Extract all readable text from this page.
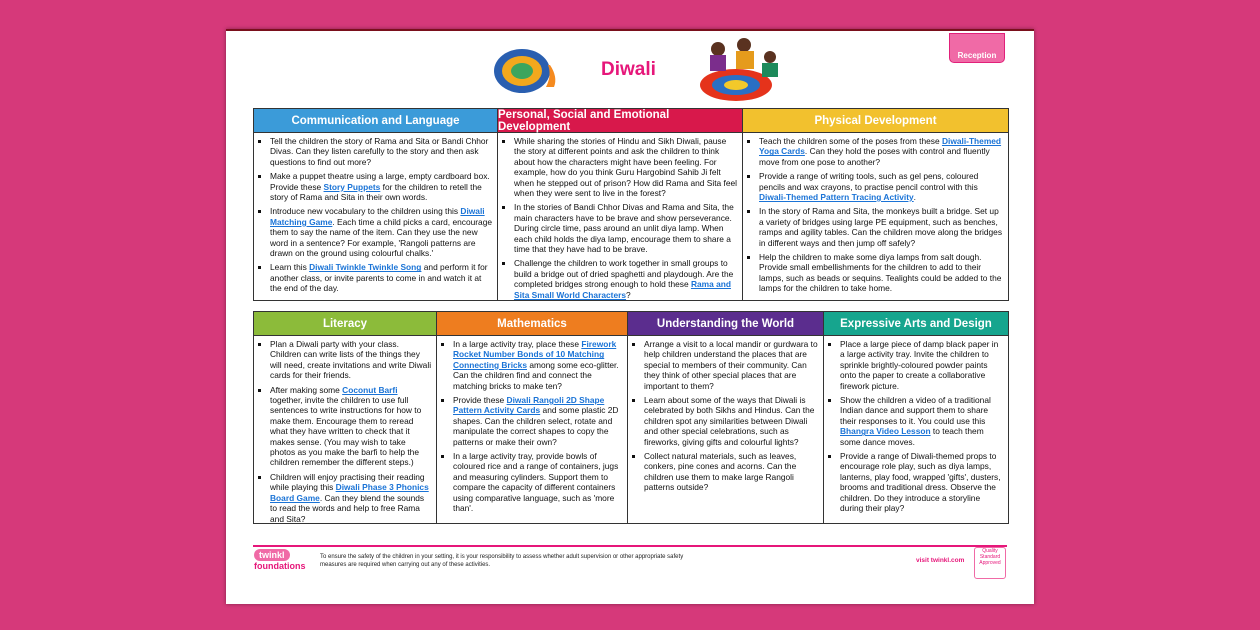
Diwali
Reception
Communication and Language
▪ Tell the children the story of Rama and Sita or Bandi Chhor Divas. Can they listen carefully to the story and then ask questions to find out more?
▪ Make a puppet theatre using a large, empty cardboard box. Provide these Story Puppets for the children to retell the story of Rama and Sita in their own words.
▪ Introduce new vocabulary to the children using this Diwali Matching Game. Each time a child picks a card, encourage them to say the name of the item. Can they use the new word in a sentence? For example, 'Rangoli patterns are drawn on the ground using colourful chalks.'
▪ Learn this Diwali Twinkle Twinkle Song and perform it for another class, or invite parents to come in and watch it at the end of the day.
Personal, Social and Emotional Development
▪ While sharing the stories of Hindu and Sikh Diwali, pause the story at different points and ask the children to think about how the characters might have been feeling. For example, how do you think Guru Hargobind Sahib Ji felt when he stepped out of prison? How did Rama and Sita feel when they were sent to live in the forest?
▪ In the stories of Bandi Chhor Divas and Rama and Sita, the main characters have to be brave and show perseverance. During circle time, pass around an unlit diya lamp. When each child holds the diya lamp, encourage them to share a time that they have had to be brave.
▪ Challenge the children to work together in small groups to build a bridge out of dried spaghetti and playdough. Are the completed bridges strong enough to hold these Rama and Sita Small World Characters?
Physical Development
▪ Teach the children some of the poses from these Diwali-Themed Yoga Cards. Can they hold the poses with control and fluently move from one pose to another?
▪ Provide a range of writing tools, such as gel pens, coloured pencils and wax crayons, to practise pencil control with this Diwali-Themed Pattern Tracing Activity.
▪ In the story of Rama and Sita, the monkeys built a bridge. Set up a variety of bridges using large PE equipment, such as benches, ramps and agility tables. Can the children move along the bridges in different ways and then jump off safely?
▪ Help the children to make some diya lamps from salt dough. Provide small embellishments for the children to add to their lamps, such as beads or sequins. Tealights could be added to the lamps for the children to take home.
Literacy
▪ Plan a Diwali party with your class. Children can write lists of the things they will need, create invitations and write Diwali cards for their friends.
▪ After making some Coconut Barfi together, invite the children to use full sentences to write instructions for how to make them. Encourage them to reread what they have written to check that it makes sense. (You may wish to take photos as you make the barfi to help the children remember the different steps.)
▪ Children will enjoy practising their reading while playing this Diwali Phase 3 Phonics Board Game. Can they blend the sounds to read the words and help to free Rama and Sita?
Mathematics
▪ In a large activity tray, place these Firework Rocket Number Bonds of 10 Matching Connecting Bricks among some eco-glitter. Can the children find and connect the matching bricks to make ten?
▪ Provide these Diwali Rangoli 2D Shape Pattern Activity Cards and some plastic 2D shapes. Can the children select, rotate and manipulate the correct shapes to copy the patterns or make their own?
▪ In a large activity tray, provide bowls of coloured rice and a range of containers, jugs and measuring cylinders. Support them to compare the capacity of different containers using comparative language, such as 'more than'.
Understanding the World
▪ Arrange a visit to a local mandir or gurdwara to help children understand the places that are special to members of their community. Can they think of other special places that are important to them?
▪ Learn about some of the ways that Diwali is celebrated by both Sikhs and Hindus. Can the children spot any similarities between Diwali and other special celebrations, such as fireworks, giving gifts and colourful lights?
▪ Collect natural materials, such as leaves, conkers, pine cones and acorns. Can the children use them to make large Rangoli patterns outside?
Expressive Arts and Design
▪ Place a large piece of damp black paper in a large activity tray. Invite the children to sprinkle brightly-coloured powder paints onto the paper to create a collaborative firework picture.
▪ Show the children a video of a traditional Indian dance and support them to share their responses to it. You could use this Bhangra Video Lesson to teach them some dance moves.
▪ Provide a range of Diwali-themed props to encourage role play, such as diya lamps, lanterns, play food, wrapped 'gifts', dusters, brooms and traditional dress. Observe the children. Do they introduce a storyline during their play?
twinkl
foundations
To ensure the safety of the children in your setting, it is your responsibility to assess whether adult supervision or other appropriate safety measures are required when carrying out any of these activities.
visit twinkl.com
Quality Standard Approved
